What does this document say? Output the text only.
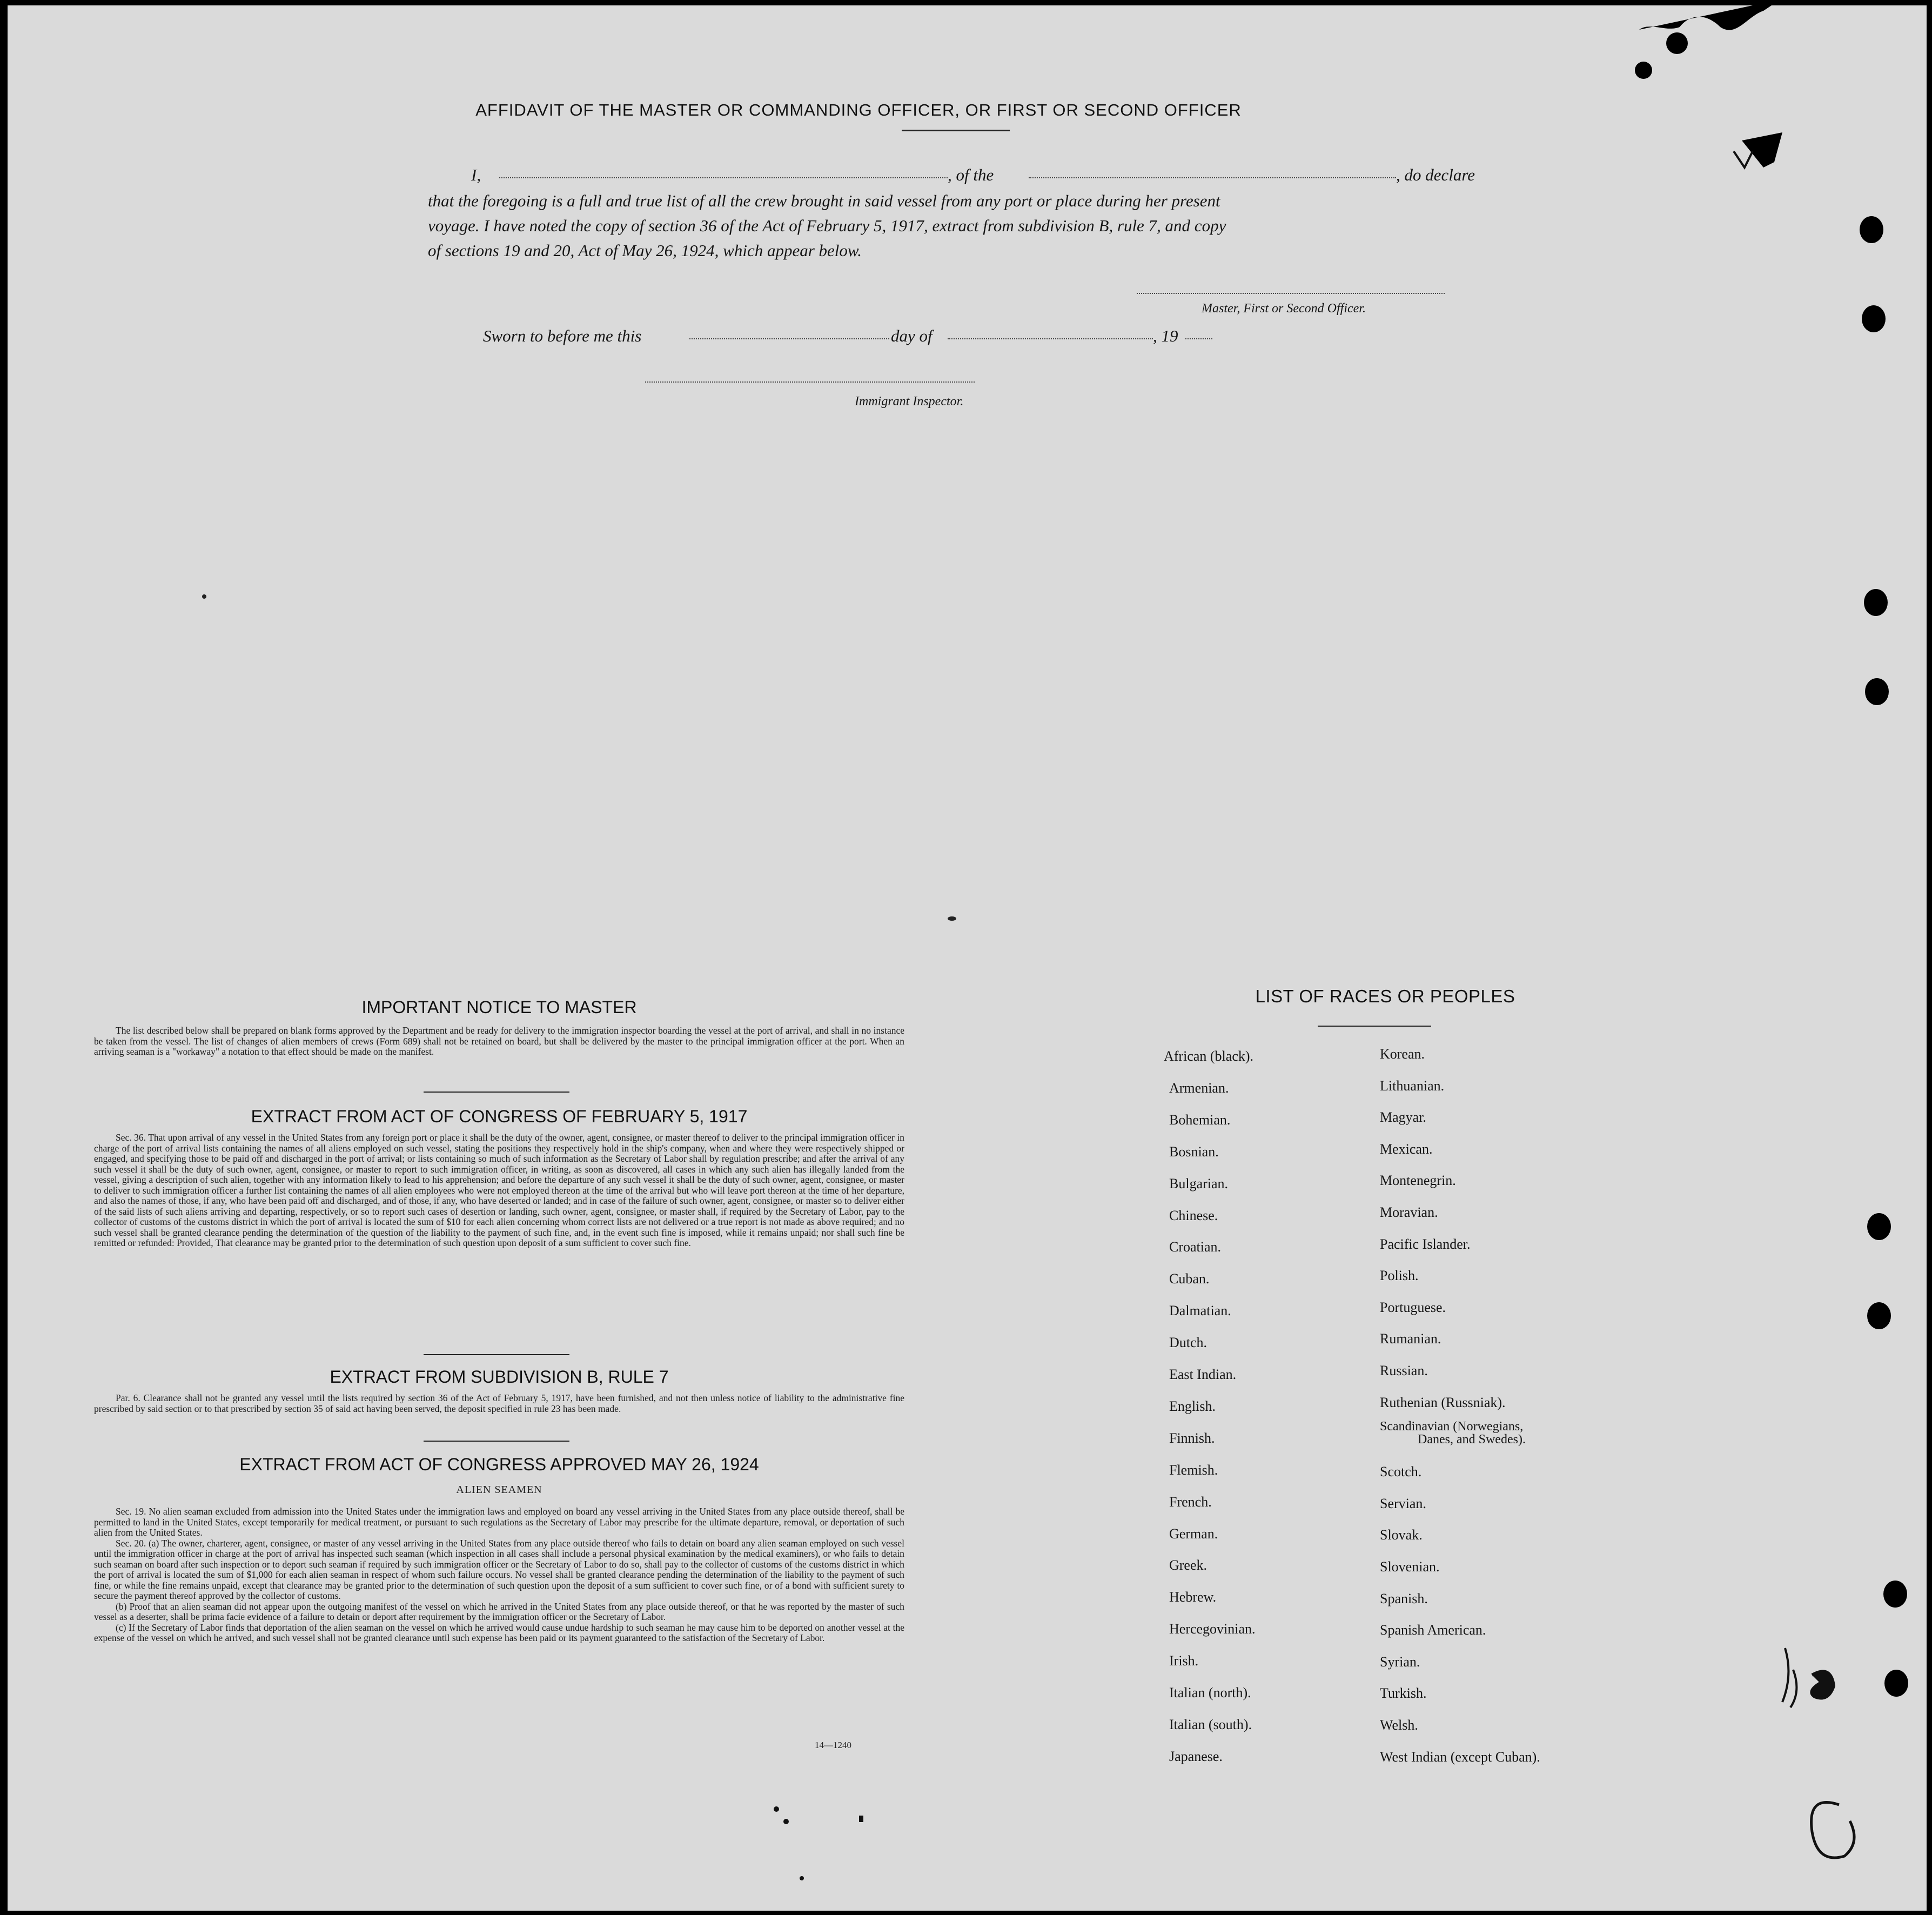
AFFIDAVIT OF THE MASTER OR COMMANDING OFFICER, OR FIRST OR SECOND OFFICER
I,	, of the	, do declare
that the foregoing is a full and true list of all the crew brought in said vessel from any port or place during her present
voyage. I have noted the copy of section 36 of the Act of February 5, 1917, extract from subdivision B, rule 7, and copy
of sections 19 and 20, Act of May 26, 1924, which appear below.
Master, First or Second Officer.
Sworn to before me this	day of	, 19
Immigrant Inspector.
IMPORTANT NOTICE TO MASTER

The list described below shall be prepared on blank forms approved by the Department and be ready for delivery to the immigration inspector boarding the vessel at the port of arrival, and shall in no instance be taken from the vessel. The list of changes of alien members of crews (Form 689) shall not be retained on board, but shall be delivered by the master to the principal immigration officer at the port. When an arriving seaman is a "workaway" a notation to that effect should be made on the manifest.

EXTRACT FROM ACT OF CONGRESS OF FEBRUARY 5, 1917

Sec. 36. That upon arrival of any vessel in the United States from any foreign port or place it shall be the duty of the owner, agent, consignee, or master thereof to deliver to the principal immigration officer in charge of the port of arrival lists containing the names of all aliens employed on such vessel, stating the positions they respectively hold in the ship's company, when and where they were respectively shipped or engaged, and specifying those to be paid off and discharged in the port of arrival; or lists containing so much of such information as the Secretary of Labor shall by regulation prescribe; and after the arrival of any such vessel it shall be the duty of such owner, agent, consignee, or master to report to such immigration officer, in writing, as soon as discovered, all cases in which any such alien has illegally landed from the vessel, giving a description of such alien, together with any information likely to lead to his apprehension; and before the departure of any such vessel it shall be the duty of such owner, agent, consignee, or master to deliver to such immigration officer a further list containing the names of all alien employees who were not employed thereon at the time of the arrival but who will leave port thereon at the time of her departure, and also the names of those, if any, who have been paid off and discharged, and of those, if any, who have deserted or landed; and in case of the failure of such owner, agent, consignee, or master so to deliver either of the said lists of such aliens arriving and departing, respectively, or so to report such cases of desertion or landing, such owner, agent, consignee, or master shall, if required by the Secretary of Labor, pay to the collector of customs of the customs district in which the port of arrival is located the sum of $10 for each alien concerning whom correct lists are not delivered or a true report is not made as above required; and no such vessel shall be granted clearance pending the determination of the question of the liability to the payment of such fine, and, in the event such fine is imposed, while it remains unpaid; nor shall such fine be remitted or refunded: Provided, That clearance may be granted prior to the determination of such question upon deposit of a sum sufficient to cover such fine.

EXTRACT FROM SUBDIVISION B, RULE 7

Par. 6. Clearance shall not be granted any vessel until the lists required by section 36 of the Act of February 5, 1917, have been furnished, and not then unless notice of liability to the administrative fine prescribed by said section or to that prescribed by section 35 of said act having been served, the deposit specified in rule 23 has been made.

EXTRACT FROM ACT OF CONGRESS APPROVED MAY 26, 1924
ALIEN SEAMEN

Sec. 19. No alien seaman excluded from admission into the United States under the immigration laws and employed on board any vessel arriving in the United States from any place outside thereof, shall be permitted to land in the United States, except temporarily for medical treatment, or pursuant to such regulations as the Secretary of Labor may prescribe for the ultimate departure, removal, or deportation of such alien from the United States.

Sec. 20. (a) The owner, charterer, agent, consignee, or master of any vessel arriving in the United States from any place outside thereof who fails to detain on board any alien seaman employed on such vessel until the immigration officer in charge at the port of arrival has inspected such seaman (which inspection in all cases shall include a personal physical examination by the medical examiners), or who fails to detain such seaman on board after such inspection or to deport such seaman if required by such immigration officer or the Secretary of Labor to do so, shall pay to the collector of customs of the customs district in which the port of arrival is located the sum of $1,000 for each alien seaman in respect of whom such failure occurs. No vessel shall be granted clearance pending the determination of the liability to the payment of such fine, or while the fine remains unpaid, except that clearance may be granted prior to the determination of such question upon the deposit of a sum sufficient to cover such fine, or of a bond with sufficient surety to secure the payment thereof approved by the collector of customs.

(b) Proof that an alien seaman did not appear upon the outgoing manifest of the vessel on which he arrived in the United States from any place outside thereof, or that he was reported by the master of such vessel as a deserter, shall be prima facie evidence of a failure to detain or deport after requirement by the immigration officer or the Secretary of Labor.

(c) If the Secretary of Labor finds that deportation of the alien seaman on the vessel on which he arrived would cause undue hardship to such seaman he may cause him to be deported on another vessel at the expense of the vessel on which he arrived, and such vessel shall not be granted clearance until such expense has been paid or its payment guaranteed to the satisfaction of the Secretary of Labor.

14—1240
LIST OF RACES OR PEOPLES
African (black).
Armenian.
Bohemian.
Bosnian.
Bulgarian.
Chinese.
Croatian.
Cuban.
Dalmatian.
Dutch.
East Indian.
English.
Finnish.
Flemish.
French.
German.
Greek.
Hebrew.
Hercegovinian.
Irish.
Italian (north).
Italian (south).
Japanese.
Korean.
Lithuanian.
Magyar.
Mexican.
Montenegrin.
Moravian.
Pacific Islander.
Polish.
Portuguese.
Rumanian.
Russian.
Ruthenian (Russniak).
Scandinavian (Norwegians,
Danes, and Swedes).
Scotch.
Servian.
Slovak.
Slovenian.
Spanish.
Spanish American.
Syrian.
Turkish.
Welsh.
West Indian (except Cuban).
